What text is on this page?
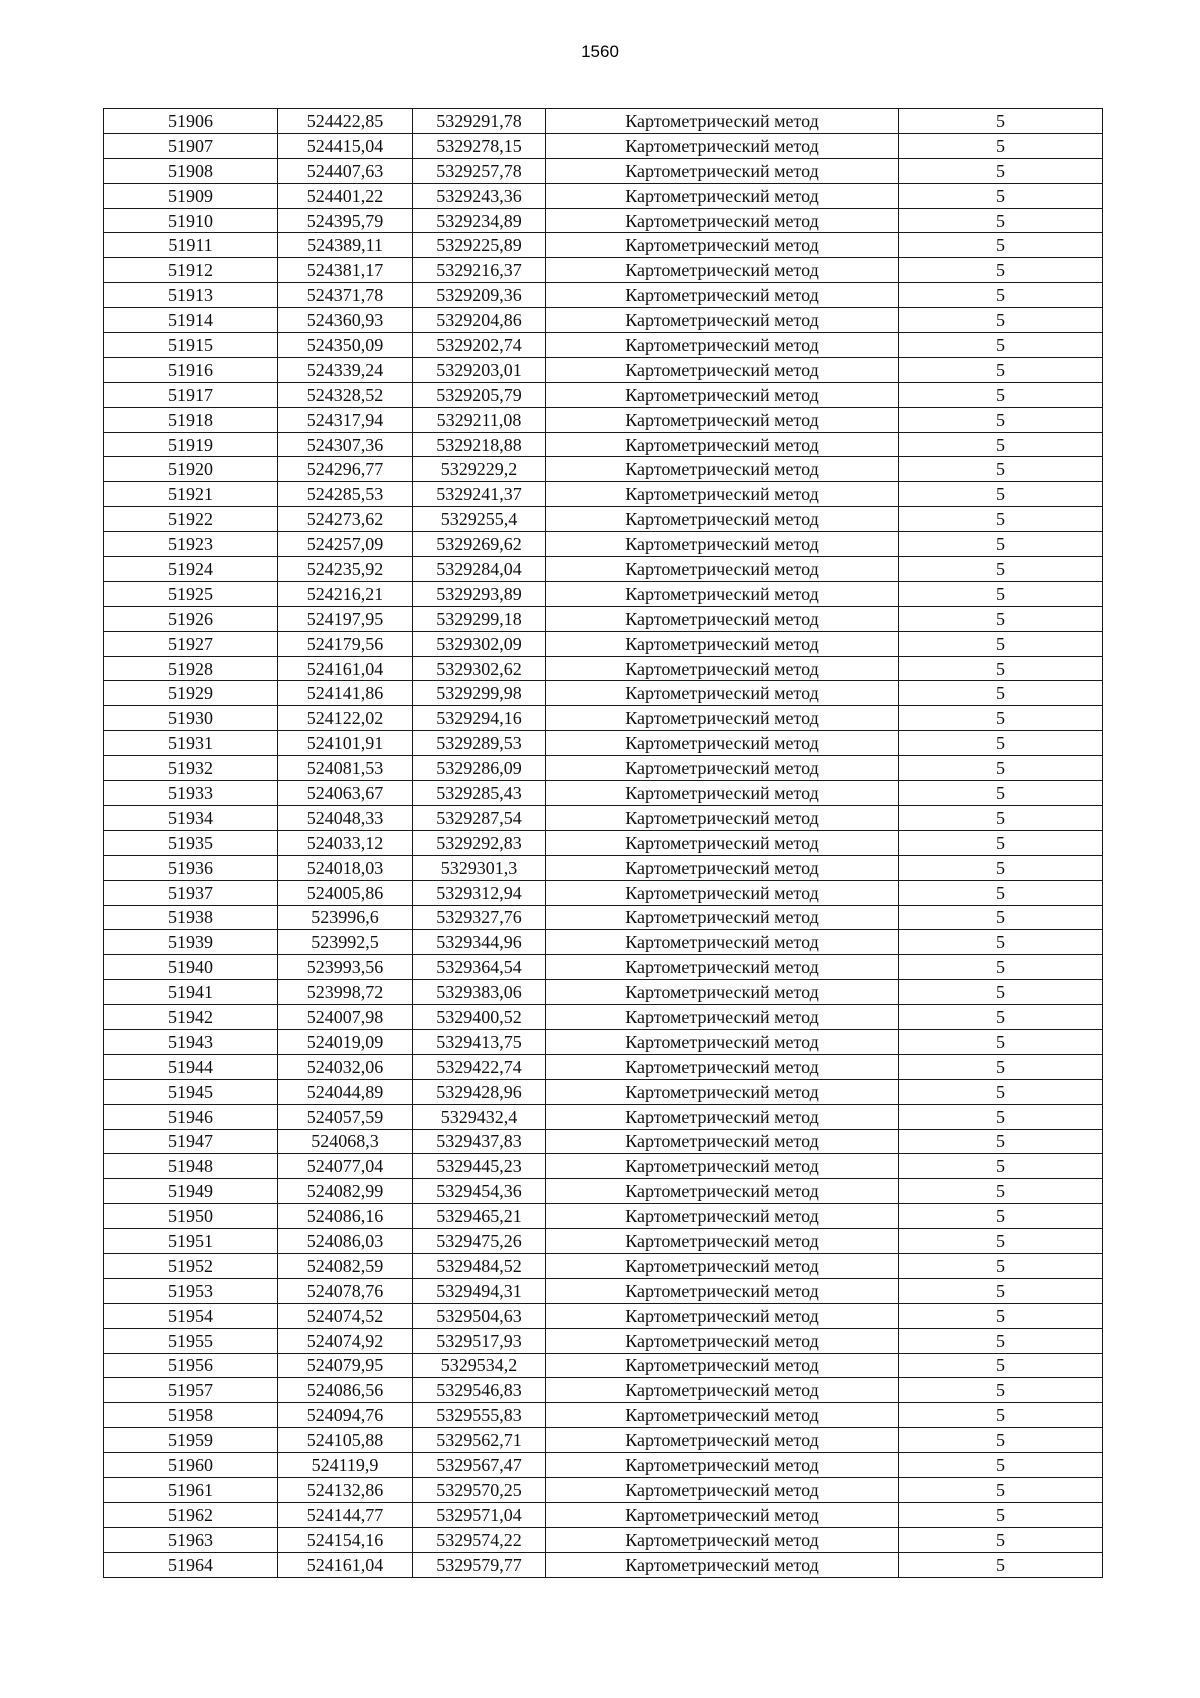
1560
51906	524422,85	5329291,78	Картометрический метод	5
51907	524415,04	5329278,15	Картометрический метод	5
51908	524407,63	5329257,78	Картометрический метод	5
51909	524401,22	5329243,36	Картометрический метод	5
51910	524395,79	5329234,89	Картометрический метод	5
51911	524389,11	5329225,89	Картометрический метод	5
51912	524381,17	5329216,37	Картометрический метод	5
51913	524371,78	5329209,36	Картометрический метод	5
51914	524360,93	5329204,86	Картометрический метод	5
51915	524350,09	5329202,74	Картометрический метод	5
51916	524339,24	5329203,01	Картометрический метод	5
51917	524328,52	5329205,79	Картометрический метод	5
51918	524317,94	5329211,08	Картометрический метод	5
51919	524307,36	5329218,88	Картометрический метод	5
51920	524296,77	5329229,2	Картометрический метод	5
51921	524285,53	5329241,37	Картометрический метод	5
51922	524273,62	5329255,4	Картометрический метод	5
51923	524257,09	5329269,62	Картометрический метод	5
51924	524235,92	5329284,04	Картометрический метод	5
51925	524216,21	5329293,89	Картометрический метод	5
51926	524197,95	5329299,18	Картометрический метод	5
51927	524179,56	5329302,09	Картометрический метод	5
51928	524161,04	5329302,62	Картометрический метод	5
51929	524141,86	5329299,98	Картометрический метод	5
51930	524122,02	5329294,16	Картометрический метод	5
51931	524101,91	5329289,53	Картометрический метод	5
51932	524081,53	5329286,09	Картометрический метод	5
51933	524063,67	5329285,43	Картометрический метод	5
51934	524048,33	5329287,54	Картометрический метод	5
51935	524033,12	5329292,83	Картометрический метод	5
51936	524018,03	5329301,3	Картометрический метод	5
51937	524005,86	5329312,94	Картометрический метод	5
51938	523996,6	5329327,76	Картометрический метод	5
51939	523992,5	5329344,96	Картометрический метод	5
51940	523993,56	5329364,54	Картометрический метод	5
51941	523998,72	5329383,06	Картометрический метод	5
51942	524007,98	5329400,52	Картометрический метод	5
51943	524019,09	5329413,75	Картометрический метод	5
51944	524032,06	5329422,74	Картометрический метод	5
51945	524044,89	5329428,96	Картометрический метод	5
51946	524057,59	5329432,4	Картометрический метод	5
51947	524068,3	5329437,83	Картометрический метод	5
51948	524077,04	5329445,23	Картометрический метод	5
51949	524082,99	5329454,36	Картометрический метод	5
51950	524086,16	5329465,21	Картометрический метод	5
51951	524086,03	5329475,26	Картометрический метод	5
51952	524082,59	5329484,52	Картометрический метод	5
51953	524078,76	5329494,31	Картометрический метод	5
51954	524074,52	5329504,63	Картометрический метод	5
51955	524074,92	5329517,93	Картометрический метод	5
51956	524079,95	5329534,2	Картометрический метод	5
51957	524086,56	5329546,83	Картометрический метод	5
51958	524094,76	5329555,83	Картометрический метод	5
51959	524105,88	5329562,71	Картометрический метод	5
51960	524119,9	5329567,47	Картометрический метод	5
51961	524132,86	5329570,25	Картометрический метод	5
51962	524144,77	5329571,04	Картометрический метод	5
51963	524154,16	5329574,22	Картометрический метод	5
51964	524161,04	5329579,77	Картометрический метод	5
